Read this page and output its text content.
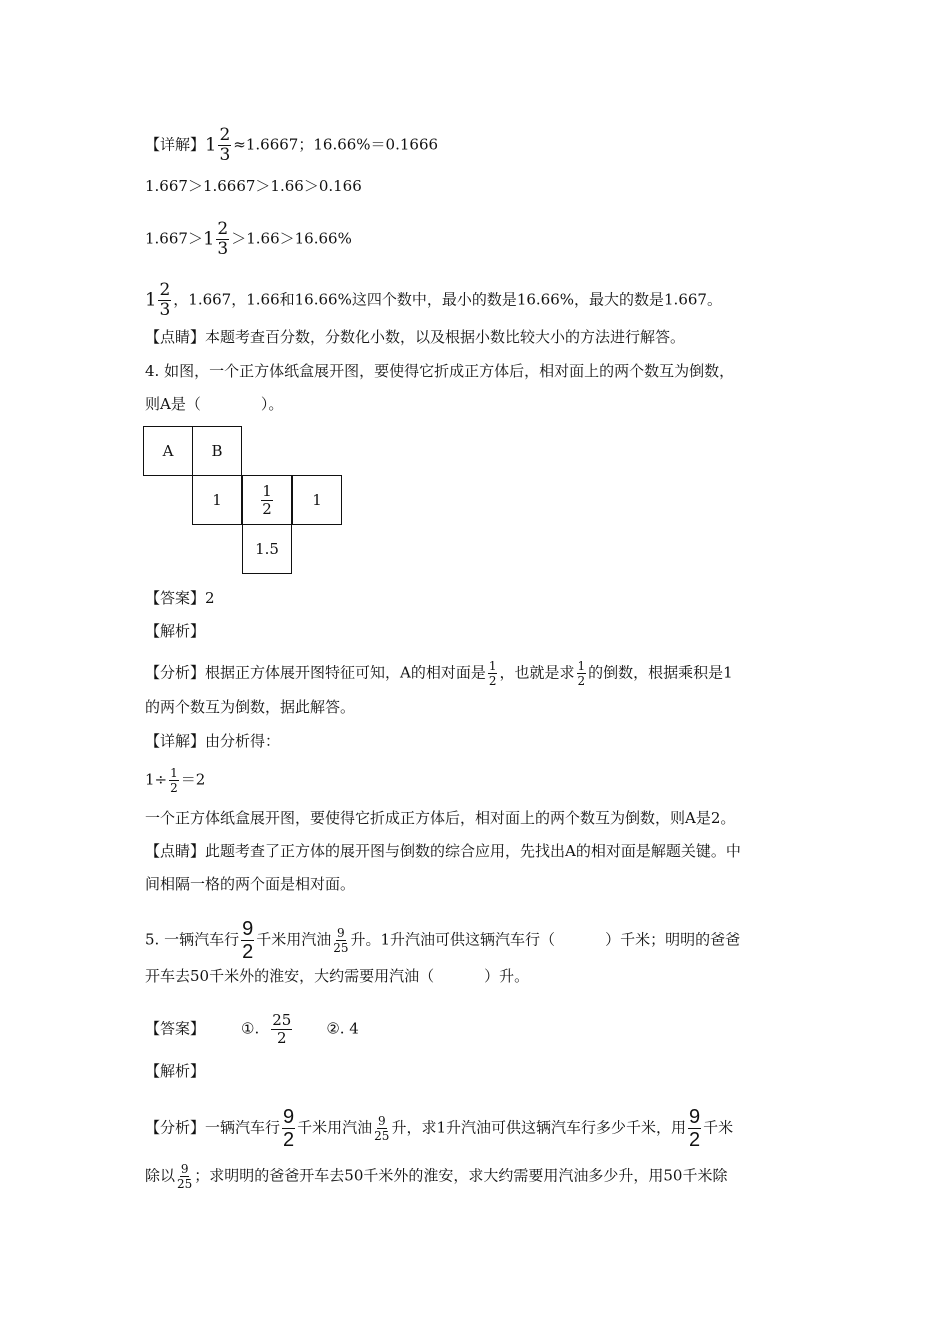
【详解】$1 \frac{2}{3} \approx 1.6667$；16.66%＝0.1666
1.667＞1.6667＞1.66＞0.166
$1.667>1 \frac{2}{3} >1.66>16.66\%$
$1 \frac{2}{3}$ ，1.667，1.66和16.66%这四个数中，最小的数是16.66%，最大的数是1.667。
【点睛】本题考查百分数，分数化小数，以及根据小数比较大小的方法进行解答。
4. 如图，一个正方体纸盒展开图，要使得它折成正方体后，相对面上的两个数互为倒数，
则A是（	）。
A	B
1	$\frac{1}{2}$	1
1.5
【答案】2
【解析】
【分析】根据正方体展开图特征可知，A的相对面是 $\frac{1}{2}$ ，也就是求 $\frac{1}{2}$ 的倒数，根据乘积是1
的两个数互为倒数，据此解答。
【详解】由分析得：
$1\div \frac{1}{2} =2$
一个正方体纸盒展开图，要使得它折成正方体后，相对面上的两个数互为倒数，则A是2。
【点睛】此题考查了正方体的展开图与倒数的综合应用，先找出A的相对面是解题关键。中
间相隔一格的两个面是相对面。
5. 一辆汽车行 $\frac{9}{2}$ 千米用汽油 $\frac{9}{25}$ 升。1升汽油可供这辆汽车行（	）千米；明明的爸爸
开车去50千米外的淮安，大约需要用汽油（	）升。
【答案】 ①. $\frac{25}{2}$ ②. 4
【解析】
【分析】一辆汽车行 $\frac{9}{2}$ 千米用汽油 $\frac{9}{25}$ 升，求1升汽油可供这辆汽车行多少千米，用 $\frac{9}{2}$ 千米
除以 $\frac{9}{25}$ ；求明明的爸爸开车去50千米外的淮安，求大约需要用汽油多少升，用50千米除
